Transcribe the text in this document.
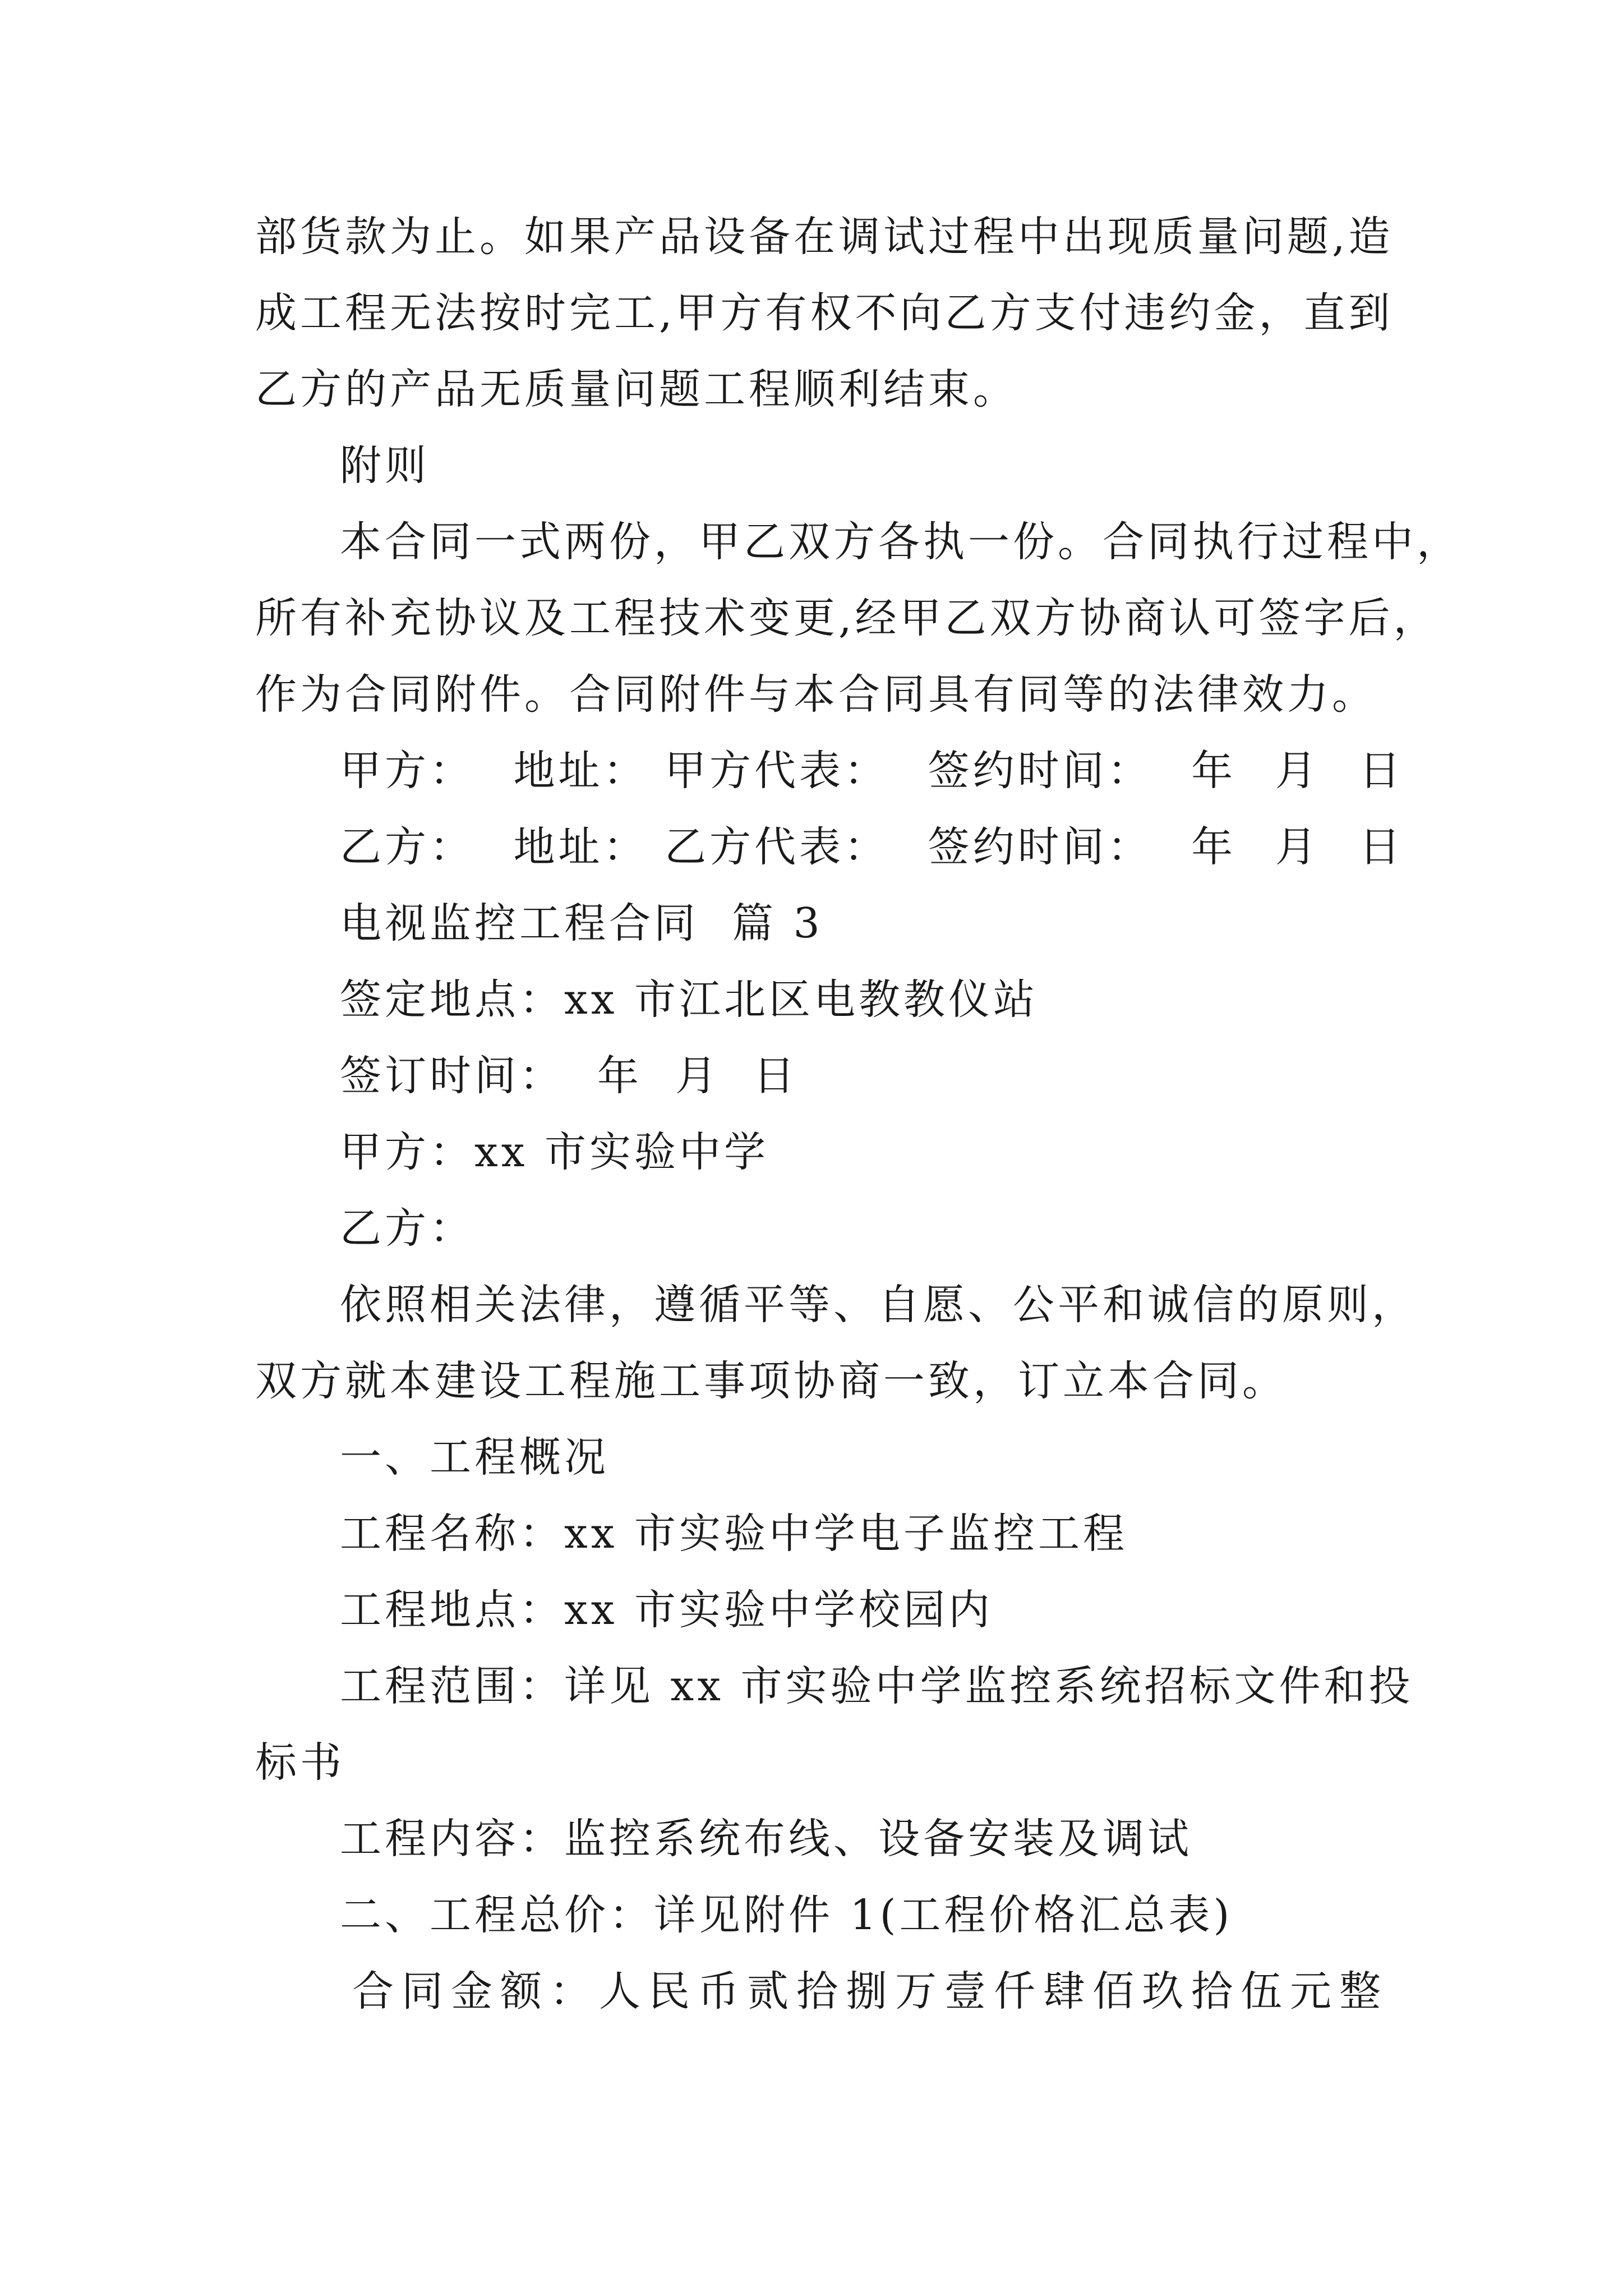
部货款为止。如果产品设备在调试过程中出现质量问题,造
成工程无法按时完工,甲方有权不向乙方支付违约金，直到
乙方的产品无质量问题工程顺利结束。
附则
本合同一式两份，甲乙双方各执一份。合同执行过程中，
所有补充协议及工程技术变更,经甲乙双方协商认可签字后，
作为合同附件。合同附件与本合同具有同等的法律效力。
甲方： 地址： 甲方代表： 签约时间： 年 月 日
乙方： 地址： 乙方代表： 签约时间： 年 月 日
电视监控工程合同  篇 3
签定地点：xx 市江北区电教教仪站
签订时间：  年  月  日
甲方：xx 市实验中学
乙方：
依照相关法律，遵循平等、自愿、公平和诚信的原则，
双方就本建设工程施工事项协商一致，订立本合同。
一、工程概况
工程名称：xx 市实验中学电子监控工程
工程地点：xx 市实验中学校园内
工程范围：详见 xx 市实验中学监控系统招标文件和投
标书
工程内容：监控系统布线、设备安装及调试
二、工程总价：详见附件 1(工程价格汇总表)
合同金额：人民币贰拾捌万壹仟肆佰玖拾伍元整
